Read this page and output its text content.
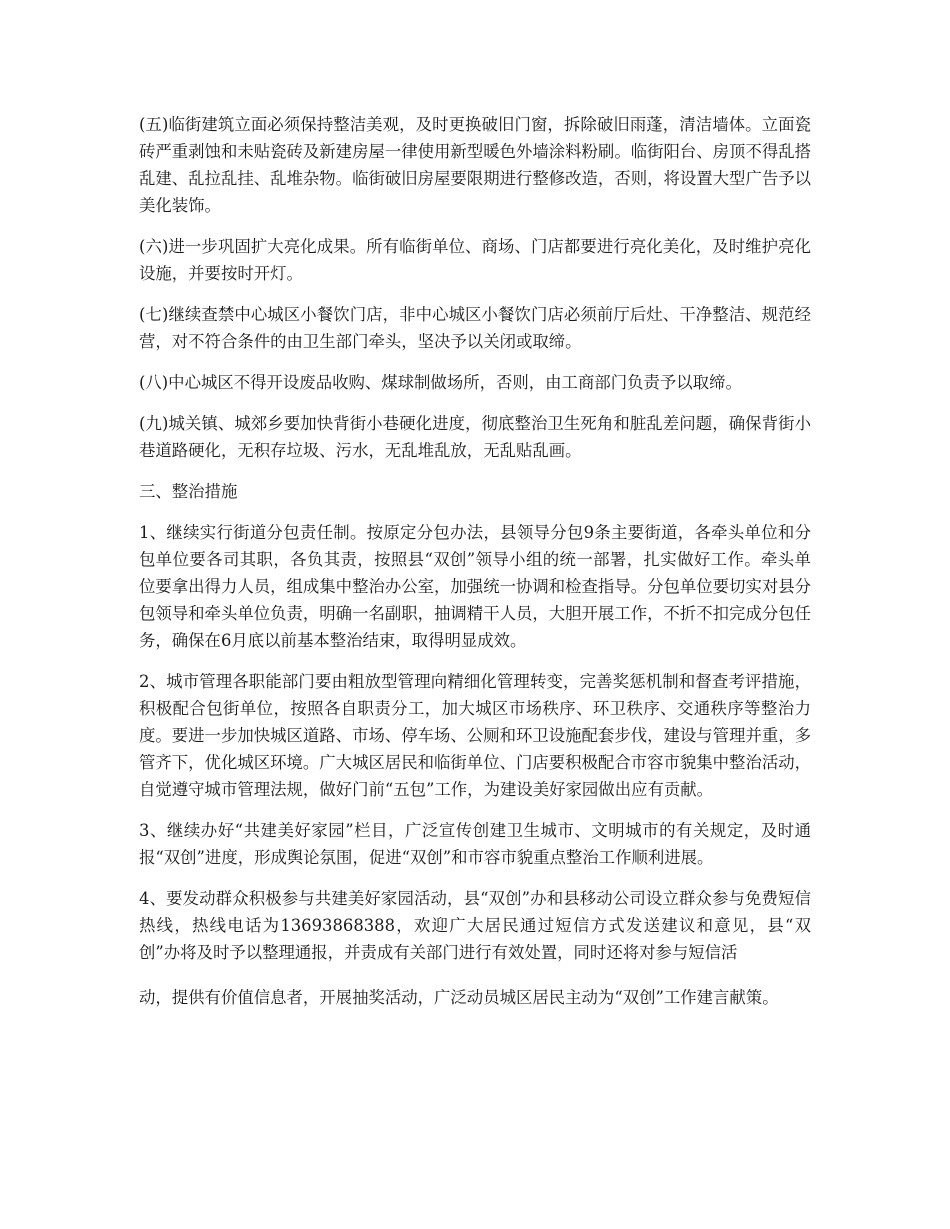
(五)临街建筑立面必须保持整洁美观，及时更换破旧门窗，拆除破旧雨蓬，清洁墙体。立面瓷砖严重剥蚀和未贴瓷砖及新建房屋一律使用新型暖色外墙涂料粉刷。临街阳台、房顶不得乱搭乱建、乱拉乱挂、乱堆杂物。临街破旧房屋要限期进行整修改造，否则，将设置大型广告予以美化装饰。

(六)进一步巩固扩大亮化成果。所有临街单位、商场、门店都要进行亮化美化，及时维护亮化设施，并要按时开灯。

(七)继续查禁中心城区小餐饮门店，非中心城区小餐饮门店必须前厅后灶、干净整洁、规范经营，对不符合条件的由卫生部门牵头，坚决予以关闭或取缔。

(八)中心城区不得开设废品收购、煤球制做场所，否则，由工商部门负责予以取缔。

(九)城关镇、城郊乡要加快背街小巷硬化进度，彻底整治卫生死角和脏乱差问题，确保背街小巷道路硬化，无积存垃圾、污水，无乱堆乱放，无乱贴乱画。

三、整治措施

1、继续实行街道分包责任制。按原定分包办法，县领导分包9条主要街道，各牵头单位和分包单位要各司其职，各负其责，按照县“双创”领导小组的统一部署，扎实做好工作。牵头单位要拿出得力人员，组成集中整治办公室，加强统一协调和检查指导。分包单位要切实对县分包领导和牵头单位负责，明确一名副职，抽调精干人员，大胆开展工作，不折不扣完成分包任务，确保在6月底以前基本整治结束，取得明显成效。

2、城市管理各职能部门要由粗放型管理向精细化管理转变，完善奖惩机制和督查考评措施，积极配合包街单位，按照各自职责分工，加大城区市场秩序、环卫秩序、交通秩序等整治力度。要进一步加快城区道路、市场、停车场、公厕和环卫设施配套步伐，建设与管理并重，多管齐下，优化城区环境。广大城区居民和临街单位、门店要积极配合市容市貌集中整治活动，自觉遵守城市管理法规，做好门前“五包”工作，为建设美好家园做出应有贡献。

3、继续办好“共建美好家园”栏目，广泛宣传创建卫生城市、文明城市的有关规定，及时通报“双创”进度，形成舆论氛围，促进“双创”和市容市貌重点整治工作顺利进展。

4、要发动群众积极参与共建美好家园活动，县“双创”办和县移动公司设立群众参与免费短信热线，热线电话为13693868388，欢迎广大居民通过短信方式发送建议和意见，县“双创”办将及时予以整理通报，并责成有关部门进行有效处置，同时还将对参与短信活

动，提供有价值信息者，开展抽奖活动，广泛动员城区居民主动为“双创”工作建言献策。
